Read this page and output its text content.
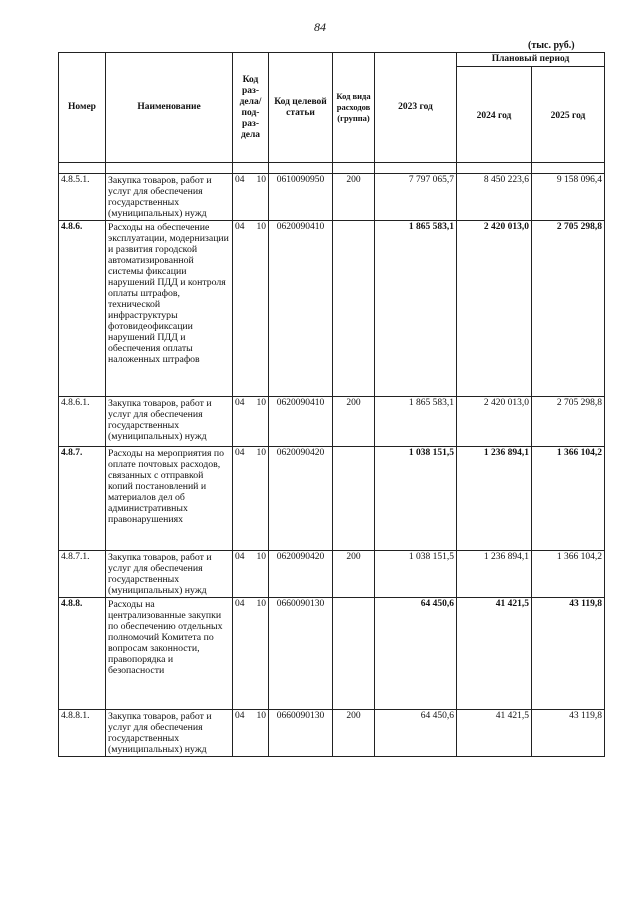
84
(тыс. руб.)
Номер	Наименование	Код раз-дела/ под-раз-дела		Код целевой статьи	Код вида расходов (группа)	2023 год	Плановый период	
							2024 год	2025 год

4.8.5.1.	Закупка товаров, работ и услуг для обеспечения государственных (муниципальных) нужд	04	10	0610090950	200	7 797 065,7	8 450 223,6	9 158 096,4
4.8.6.	Расходы на обеспечение эксплуатации, модернизации и развития городской автоматизированной системы фиксации нарушений ПДД и контроля оплаты штрафов, технической инфраструктуры фотовидеофиксации нарушений ПДД и обеспечения оплаты наложенных штрафов	04	10	0620090410		1 865 583,1	2 420 013,0	2 705 298,8
4.8.6.1.	Закупка товаров, работ и услуг для обеспечения государственных (муниципальных) нужд	04	10	0620090410	200	1 865 583,1	2 420 013,0	2 705 298,8
4.8.7.	Расходы на мероприятия по оплате почтовых расходов, связанных с отправкой копий постановлений и материалов дел об административных правонарушениях	04	10	0620090420		1 038 151,5	1 236 894,1	1 366 104,2
4.8.7.1.	Закупка товаров, работ и услуг для обеспечения государственных (муниципальных) нужд	04	10	0620090420	200	1 038 151,5	1 236 894,1	1 366 104,2
4.8.8.	Расходы на централизованные закупки по обеспечению отдельных полномочий Комитета по вопросам законности, правопорядка и безопасности	04	10	0660090130		64 450,6	41 421,5	43 119,8
4.8.8.1.	Закупка товаров, работ и услуг для обеспечения государственных (муниципальных) нужд	04	10	0660090130	200	64 450,6	41 421,5	43 119,8
